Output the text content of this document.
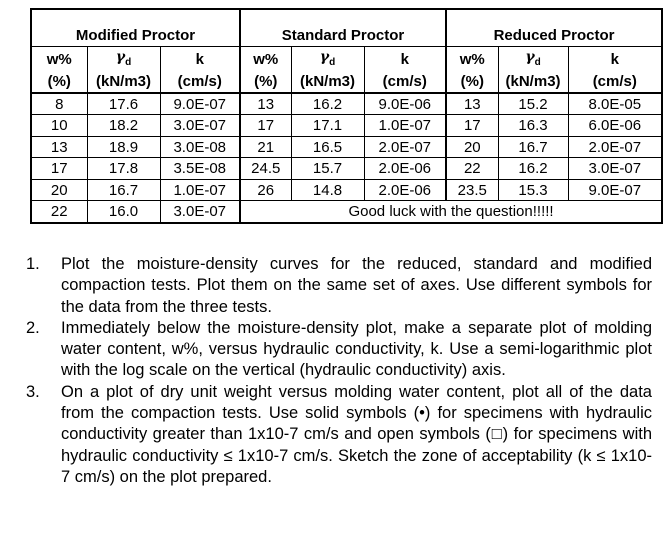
Modified Proctor			Standard Proctor			Reduced Proctor		
w%	$\gamma_d$	k	w%	$\gamma_d$	k	w%	$\gamma_d$	k
(%)	(kN/m3)	(cm/s)	(%)	(kN/m3)	(cm/s)	(%)	(kN/m3)	(cm/s)
8	17.6	9.0E-07	13	16.2	9.0E-06	13	15.2	8.0E-05
10	18.2	3.0E-07	17	17.1	1.0E-07	17	16.3	6.0E-06
13	18.9	3.0E-08	21	16.5	2.0E-07	20	16.7	2.0E-07
17	17.8	3.5E-08	24.5	15.7	2.0E-06	22	16.2	3.0E-07
20	16.7	1.0E-07	26	14.8	2.0E-06	23.5	15.3	9.0E-07
22	16.0	3.0E-07	Good luck with the question!!!!!					
1. Plot the moisture-density curves for the reduced, standard and modified compaction tests. Plot them on the same set of axes. Use different symbols for the data from the three tests.
2. Immediately below the moisture-density plot, make a separate plot of molding water content, w%, versus hydraulic conductivity, k. Use a semi-logarithmic plot with the log scale on the vertical (hydraulic conductivity) axis.
3. On a plot of dry unit weight versus molding water content, plot all of the data from the compaction tests. Use solid symbols (•) for specimens with hydraulic conductivity greater than 1x10-7 cm/s and open symbols (□) for specimens with hydraulic conductivity ≤ 1x10-7 cm/s. Sketch the zone of acceptability (k ≤ 1x10-7 cm/s) on the plot prepared.
